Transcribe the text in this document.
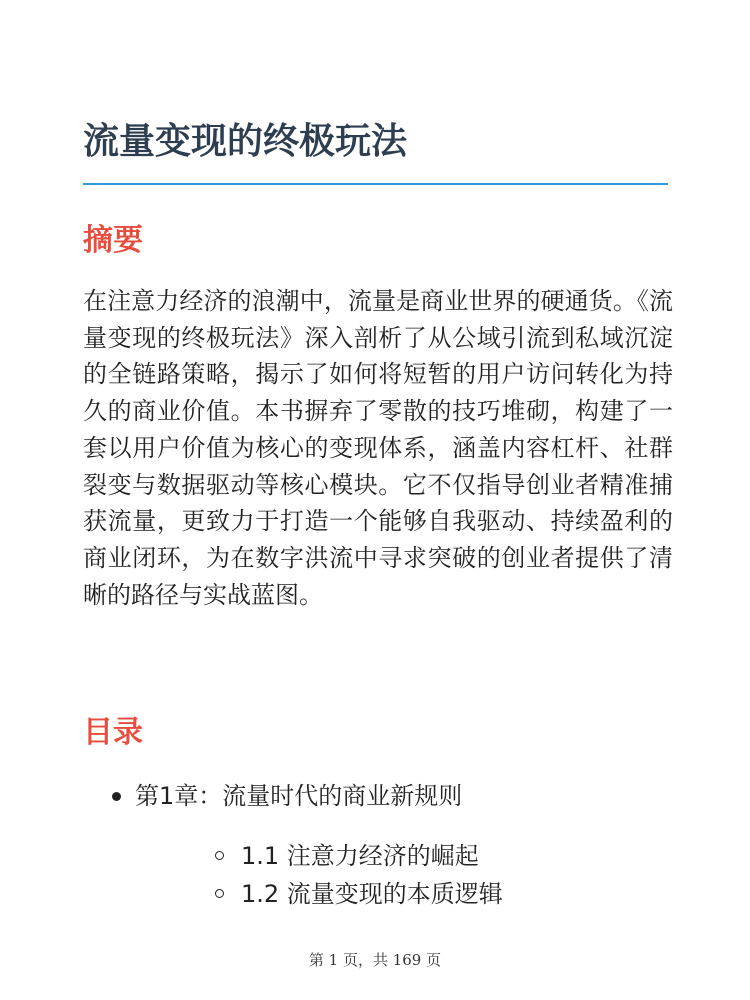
流量变现的终极玩法
摘要

在注意力经济的浪潮中，流量是商业世界的硬通货。《流量变现的终极玩法》深入剖析了从公域引流到私域沉淀的全链路策略，揭示了如何将短暂的用户访问转化为持久的商业价值。本书摒弃了零散的技巧堆砌，构建了一套以用户价值为核心的变现体系，涵盖内容杠杆、社群裂变与数据驱动等核心模块。它不仅指导创业者精准捕获流量，更致力于打造一个能够自我驱动、持续盈利的商业闭环，为在数字洪流中寻求突破的创业者提供了清晰的路径与实战蓝图。

目录
第1章：流量时代的商业新规则
1.1 注意力经济的崛起
1.2 流量变现的本质逻辑
第 1 页，共 169 页
